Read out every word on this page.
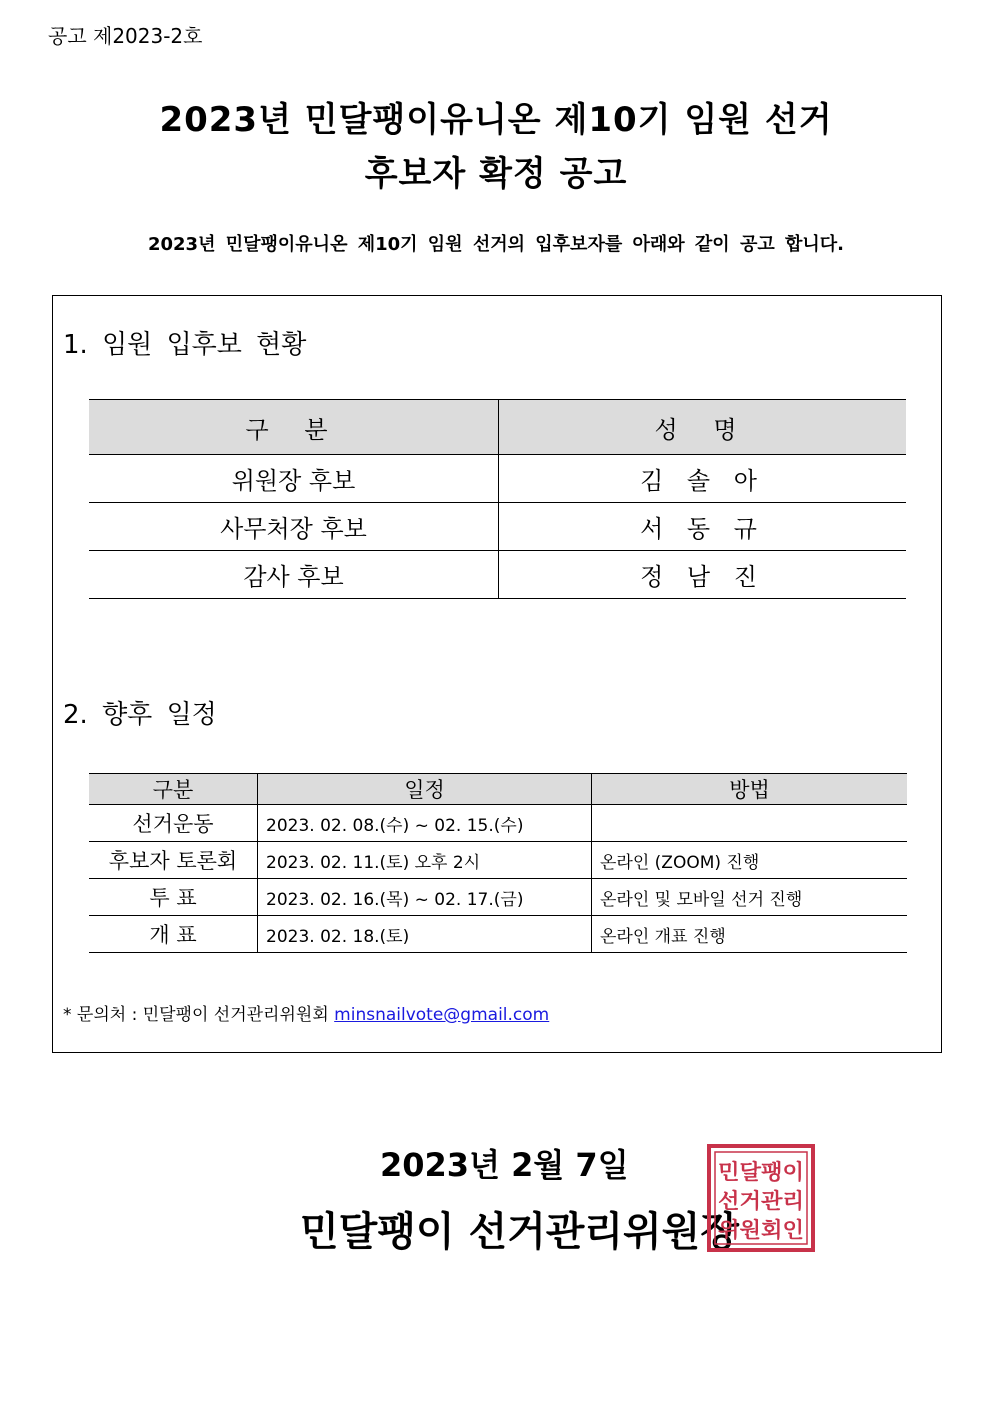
공고 제2023-2호
2023년 민달팽이유니온 제10기 임원 선거
후보자 확정 공고
2023년 민달팽이유니온 제10기 임원 선거의 입후보자를 아래와 같이 공고 합니다.
1. 임원 입후보 현황
구 분	성 명
위원장 후보	김 솔 아
사무처장 후보	서 동 규
감사 후보	정 남 진
2. 향후 일정
구분	일정	방법
선거운동	2023. 02. 08.(수) ~ 02. 15.(수)	
후보자 토론회	2023. 02. 11.(토) 오후 2시	온라인 (ZOOM) 진행
투 표	2023. 02. 16.(목) ~ 02. 17.(금)	온라인 및 모바일 선거 진행
개 표	2023. 02. 18.(토)	온라인 개표 진행
* 문의처 : 민달팽이 선거관리위원회 minsnailvote@gmail.com
2023년 2월 7일
민달팽이 선거관리위원장
민달팽이
선거관리
위원회인
